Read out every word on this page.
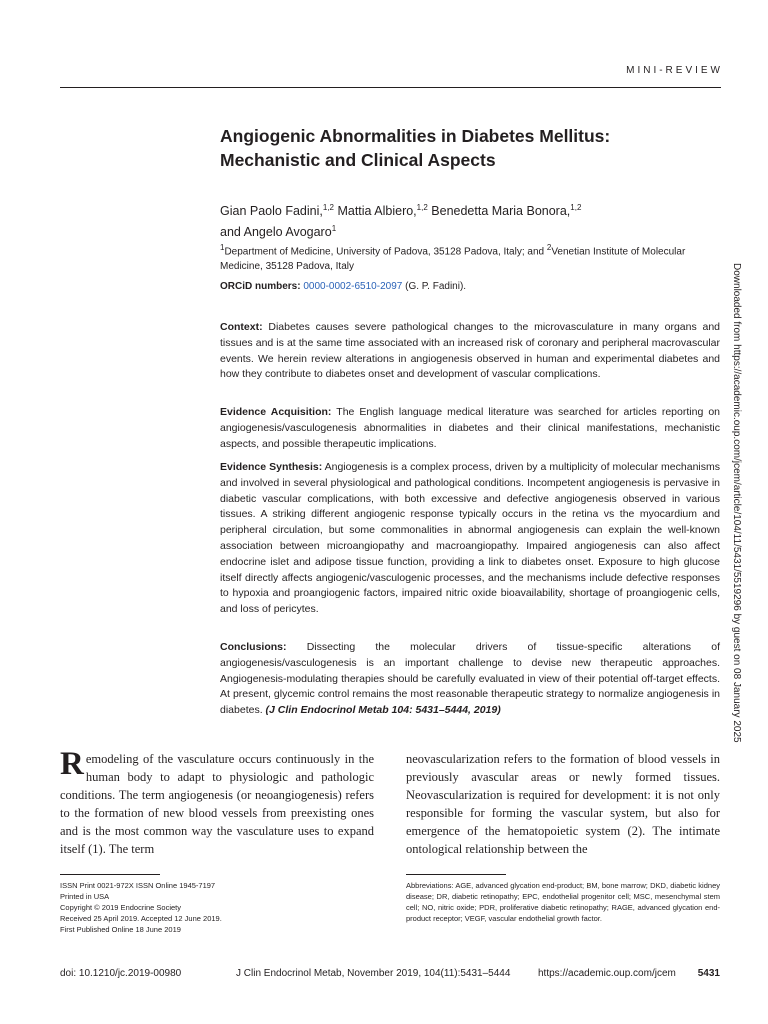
MINI-REVIEW
Angiogenic Abnormalities in Diabetes Mellitus: Mechanistic and Clinical Aspects
Gian Paolo Fadini,$^{1,2}$ Mattia Albiero,$^{1,2}$ Benedetta Maria Bonora,$^{1,2}$
and Angelo Avogaro$^1$
$^1$Department of Medicine, University of Padova, 35128 Padova, Italy; and $^2$Venetian Institute of Molecular Medicine, 35128 Padova, Italy
ORCiD numbers: 0000-0002-6510-2097 (G. P. Fadini).
Context: Diabetes causes severe pathological changes to the microvasculature in many organs and tissues and is at the same time associated with an increased risk of coronary and peripheral macrovascular events. We herein review alterations in angiogenesis observed in human and experimental diabetes and how they contribute to diabetes onset and development of vascular complications.
Evidence Acquisition: The English language medical literature was searched for articles reporting on angiogenesis/vasculogenesis abnormalities in diabetes and their clinical manifestations, mechanistic aspects, and possible therapeutic implications.
Evidence Synthesis: Angiogenesis is a complex process, driven by a multiplicity of molecular mechanisms and involved in several physiological and pathological conditions. Incompetent angiogenesis is pervasive in diabetic vascular complications, with both excessive and defective angiogenesis observed in various tissues. A striking different angiogenic response typically occurs in the retina vs the myocardium and peripheral circulation, but some commonalities in abnormal angiogenesis can explain the well-known association between microangiopathy and macroangiopathy. Impaired angiogenesis can also affect endocrine islet and adipose tissue function, providing a link to diabetes onset. Exposure to high glucose itself directly affects angiogenic/vasculogenic processes, and the mechanisms include defective responses to hypoxia and proangiogenic factors, impaired nitric oxide bioavailability, shortage of proangiogenic cells, and loss of pericytes.
Conclusions: Dissecting the molecular drivers of tissue-specific alterations of angiogenesis/vasculogenesis is an important challenge to devise new therapeutic approaches. Angiogenesis-modulating therapies should be carefully evaluated in view of their potential off-target effects. At present, glycemic control remains the most reasonable therapeutic strategy to normalize angiogenesis in diabetes. (J Clin Endocrinol Metab 104: 5431–5444, 2019)	Downloaded from https://academic.oup.com/jcem/article/104/11/5431/5519296 by guest on 08 January 2025
Remodeling of the vasculature occurs continuously in the human body to adapt to physiologic and pathologic conditions. The term angiogenesis (or neoangiogenesis) refers to the formation of new blood vessels from preexisting ones and is the most common way the vasculature uses to expand itself (1). The term
neovascularization refers to the formation of blood vessels in previously avascular areas or newly formed tissues. Neovascularization is required for development: it is not only responsible for forming the vascular system, but also for emergence of the hematopoietic system (2). The intimate ontological relationship between the
ISSN Print 0021-972X ISSN Online 1945-7197
Printed in USA
Copyright © 2019 Endocrine Society
Received 25 April 2019. Accepted 12 June 2019.
First Published Online 18 June 2019
Abbreviations: AGE, advanced glycation end-product; BM, bone marrow; DKD, diabetic kidney disease; DR, diabetic retinopathy; EPC, endothelial progenitor cell; MSC, mesenchymal stem cell; NO, nitric oxide; PDR, proliferative diabetic retinopathy; RAGE, advanced glycation end-product receptor; VEGF, vascular endothelial growth factor.
doi: 10.1210/jc.2019-00980	J Clin Endocrinol Metab, November 2019, 104(11):5431–5444	https://academic.oup.com/jcem 5431
